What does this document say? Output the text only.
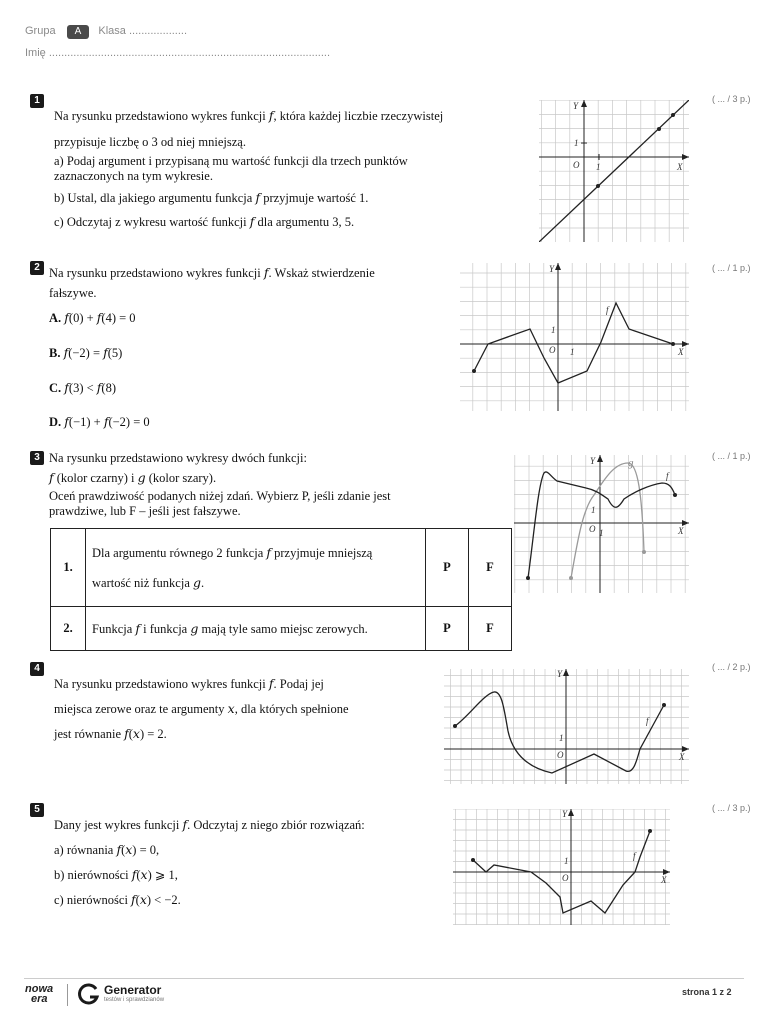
Grupa A Klasa ...................
Imię ............................................................................................
1	( ... / 3 p.)
Na rysunku przedstawiono wykres funkcji 𝑓, która każdej liczbie rzeczywistej
przypisuje liczbę o 3 od niej mniejszą.
a) Podaj argument i przypisaną mu wartość funkcji dla trzech punktów
zaznaczonych na tym wykresie.
b) Ustal, dla jakiego argumentu funkcja 𝑓 przyjmuje wartość 1.
c) Odczytaj z wykresu wartość funkcji 𝑓 dla argumentu 3, 5.
Y
X
O 1
1
2	( ... / 1 p.)
Na rysunku przedstawiono wykres funkcji 𝑓. Wskaż stwierdzenie
fałszywe.
A. 𝑓(0) + 𝑓(4) = 0
B. 𝑓(−2) = 𝑓(5)
C. 𝑓(3) < 𝑓(8)
D. 𝑓(−1) + 𝑓(−2) = 0
Y
X
O 1
1
f
3	( ... / 1 p.)
Na rysunku przedstawiono wykresy dwóch funkcji:
𝑓 (kolor czarny) i 𝑔 (kolor szary).
Oceń prawdziwość podanych niżej zdań. Wybierz P, jeśli zdanie jest
prawdziwe, lub F – jeśli jest fałszywe.
1.	Dla argumentu równego 2 funkcja 𝑓 przyjmuje mniejszą
wartość niż funkcja 𝑔.	P	F
2.	Funkcja 𝑓 i funkcja 𝑔 mają tyle samo miejsc zerowych.	P	F
Y
X
O 1
1
f
g
4	( ... / 2 p.)
Na rysunku przedstawiono wykres funkcji 𝑓. Podaj jej
miejsca zerowe oraz te argumenty 𝑥, dla których spełnione
jest równanie 𝑓(𝑥) = 2.
Y
X
O
1
f
5	( ... / 3 p.)
Dany jest wykres funkcji 𝑓. Odczytaj z niego zbiór rozwiązań:
a) równania 𝑓(𝑥) = 0,
b) nierówności 𝑓(𝑥) ⩾ 1,
c) nierówności 𝑓(𝑥) < −2.
Y
X
O
1	f
nowa
era
Generator
testów i sprawdzianów
strona 1 z 2
